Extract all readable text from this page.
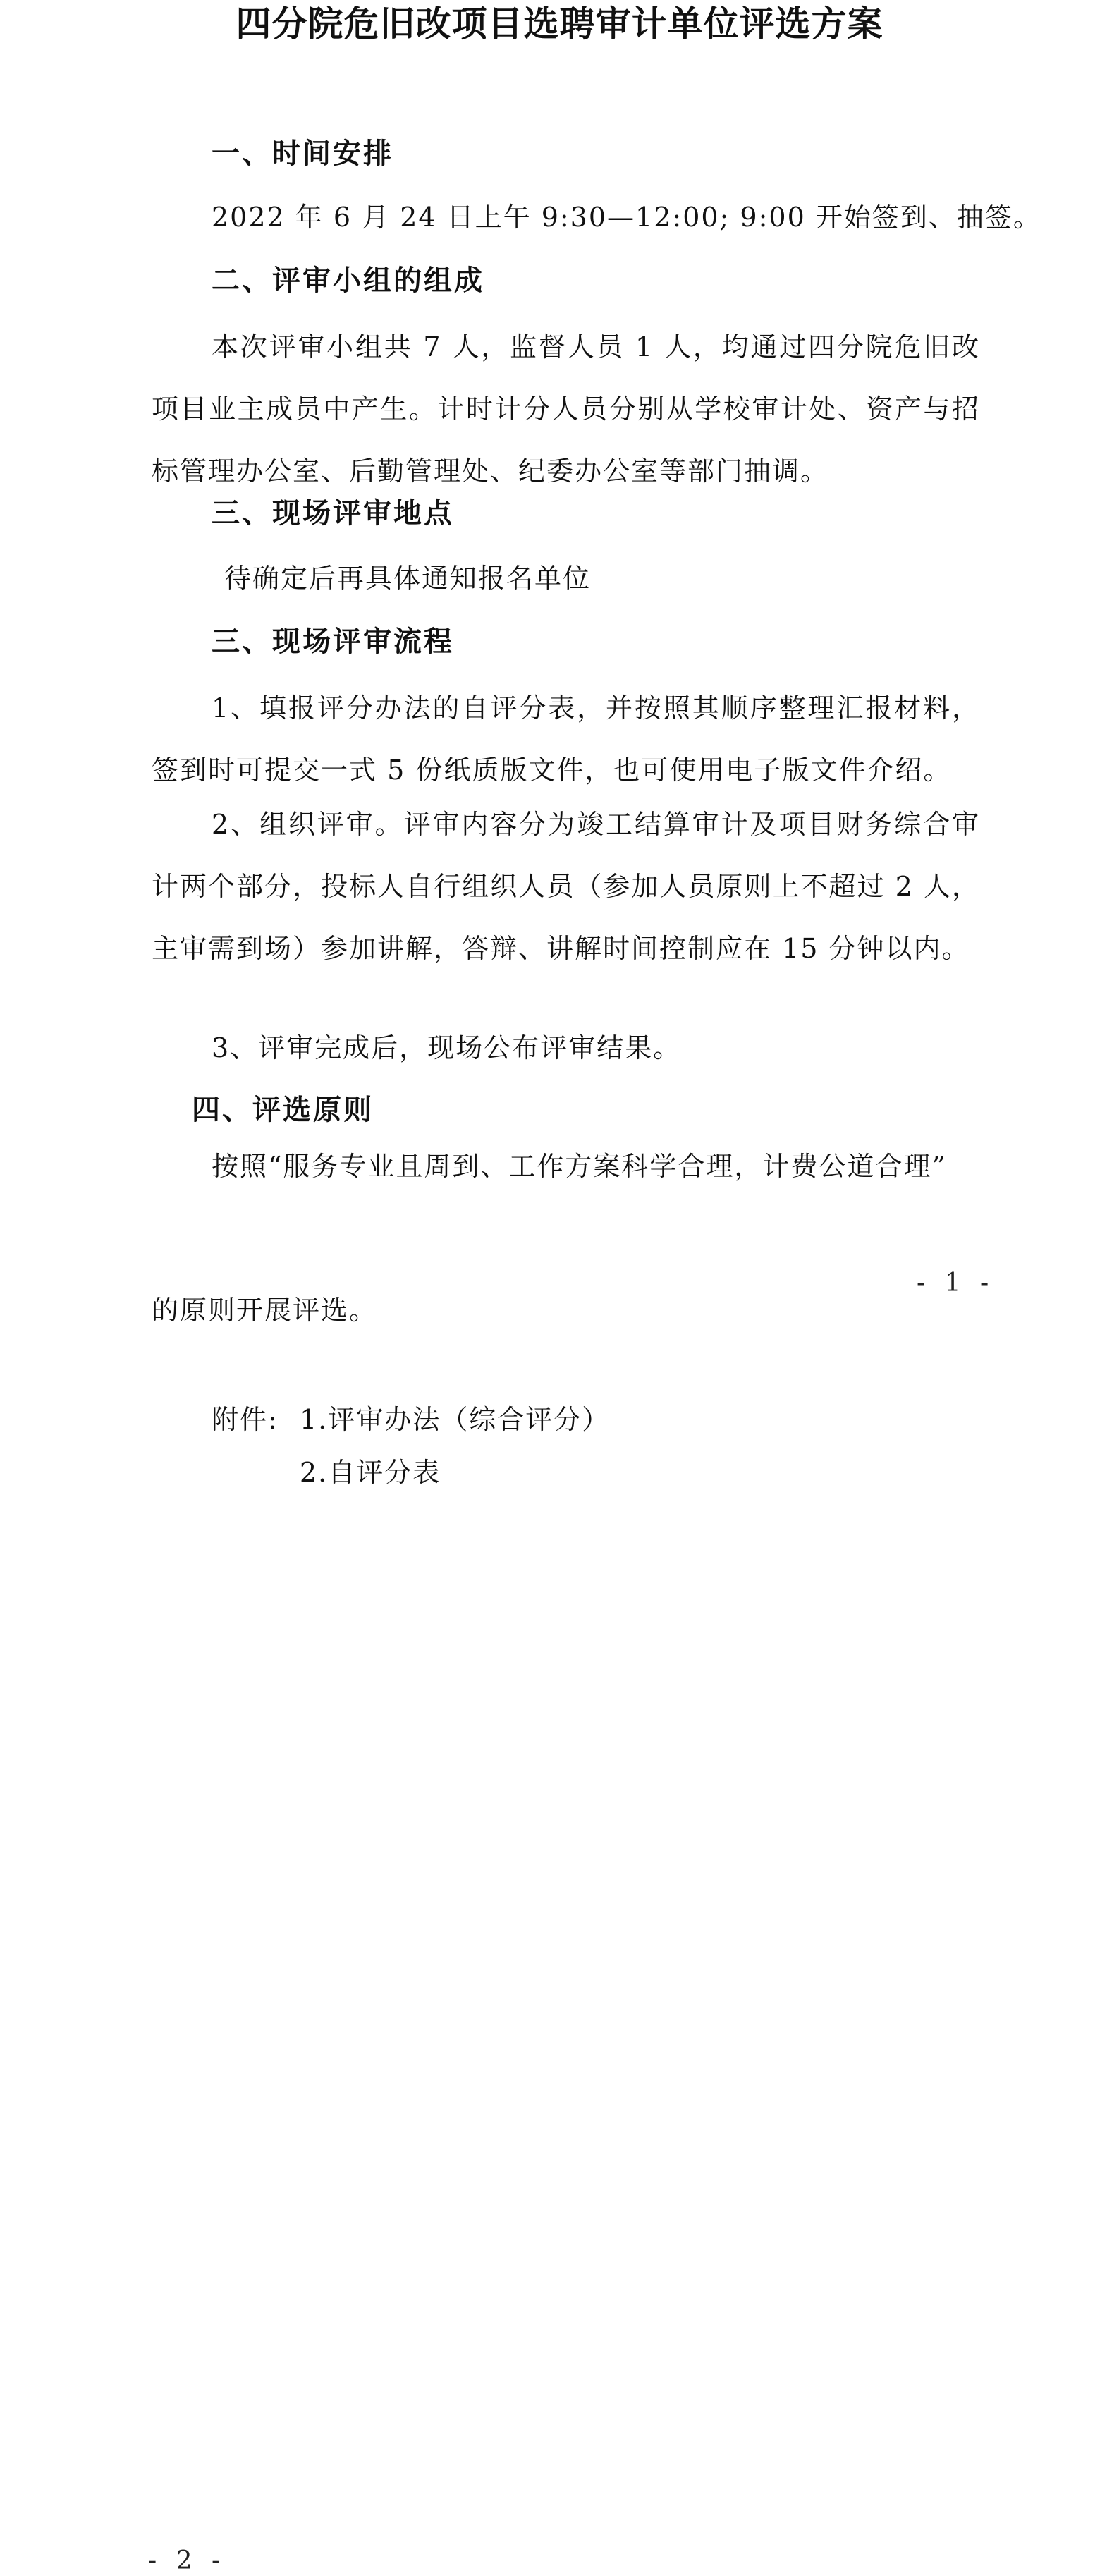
四分院危旧改项目选聘审计单位评选方案
一、时间安排
2022 年 6 月 24 日上午 9:30—12:00; 9:00 开始签到、抽签。
二、评审小组的组成
本次评审小组共 7 人，监督人员 1 人，均通过四分院危旧改项目业主成员中产生。计时计分人员分别从学校审计处、资产与招标管理办公室、后勤管理处、纪委办公室等部门抽调。
三、现场评审地点
待确定后再具体通知报名单位
三、现场评审流程
1、填报评分办法的自评分表，并按照其顺序整理汇报材料，签到时可提交一式 5 份纸质版文件，也可使用电子版文件介绍。
2、组织评审。评审内容分为竣工结算审计及项目财务综合审计两个部分，投标人自行组织人员（参加人员原则上不超过 2 人，主审需到场）参加讲解，答辩、讲解时间控制应在 15 分钟以内。
3、评审完成后，现场公布评审结果。
四、评选原则
按照“服务专业且周到、工作方案科学合理，计费公道合理”
- 1 -
的原则开展评选。
附件: 1.评审办法（综合评分）
2.自评分表
- 2 -
